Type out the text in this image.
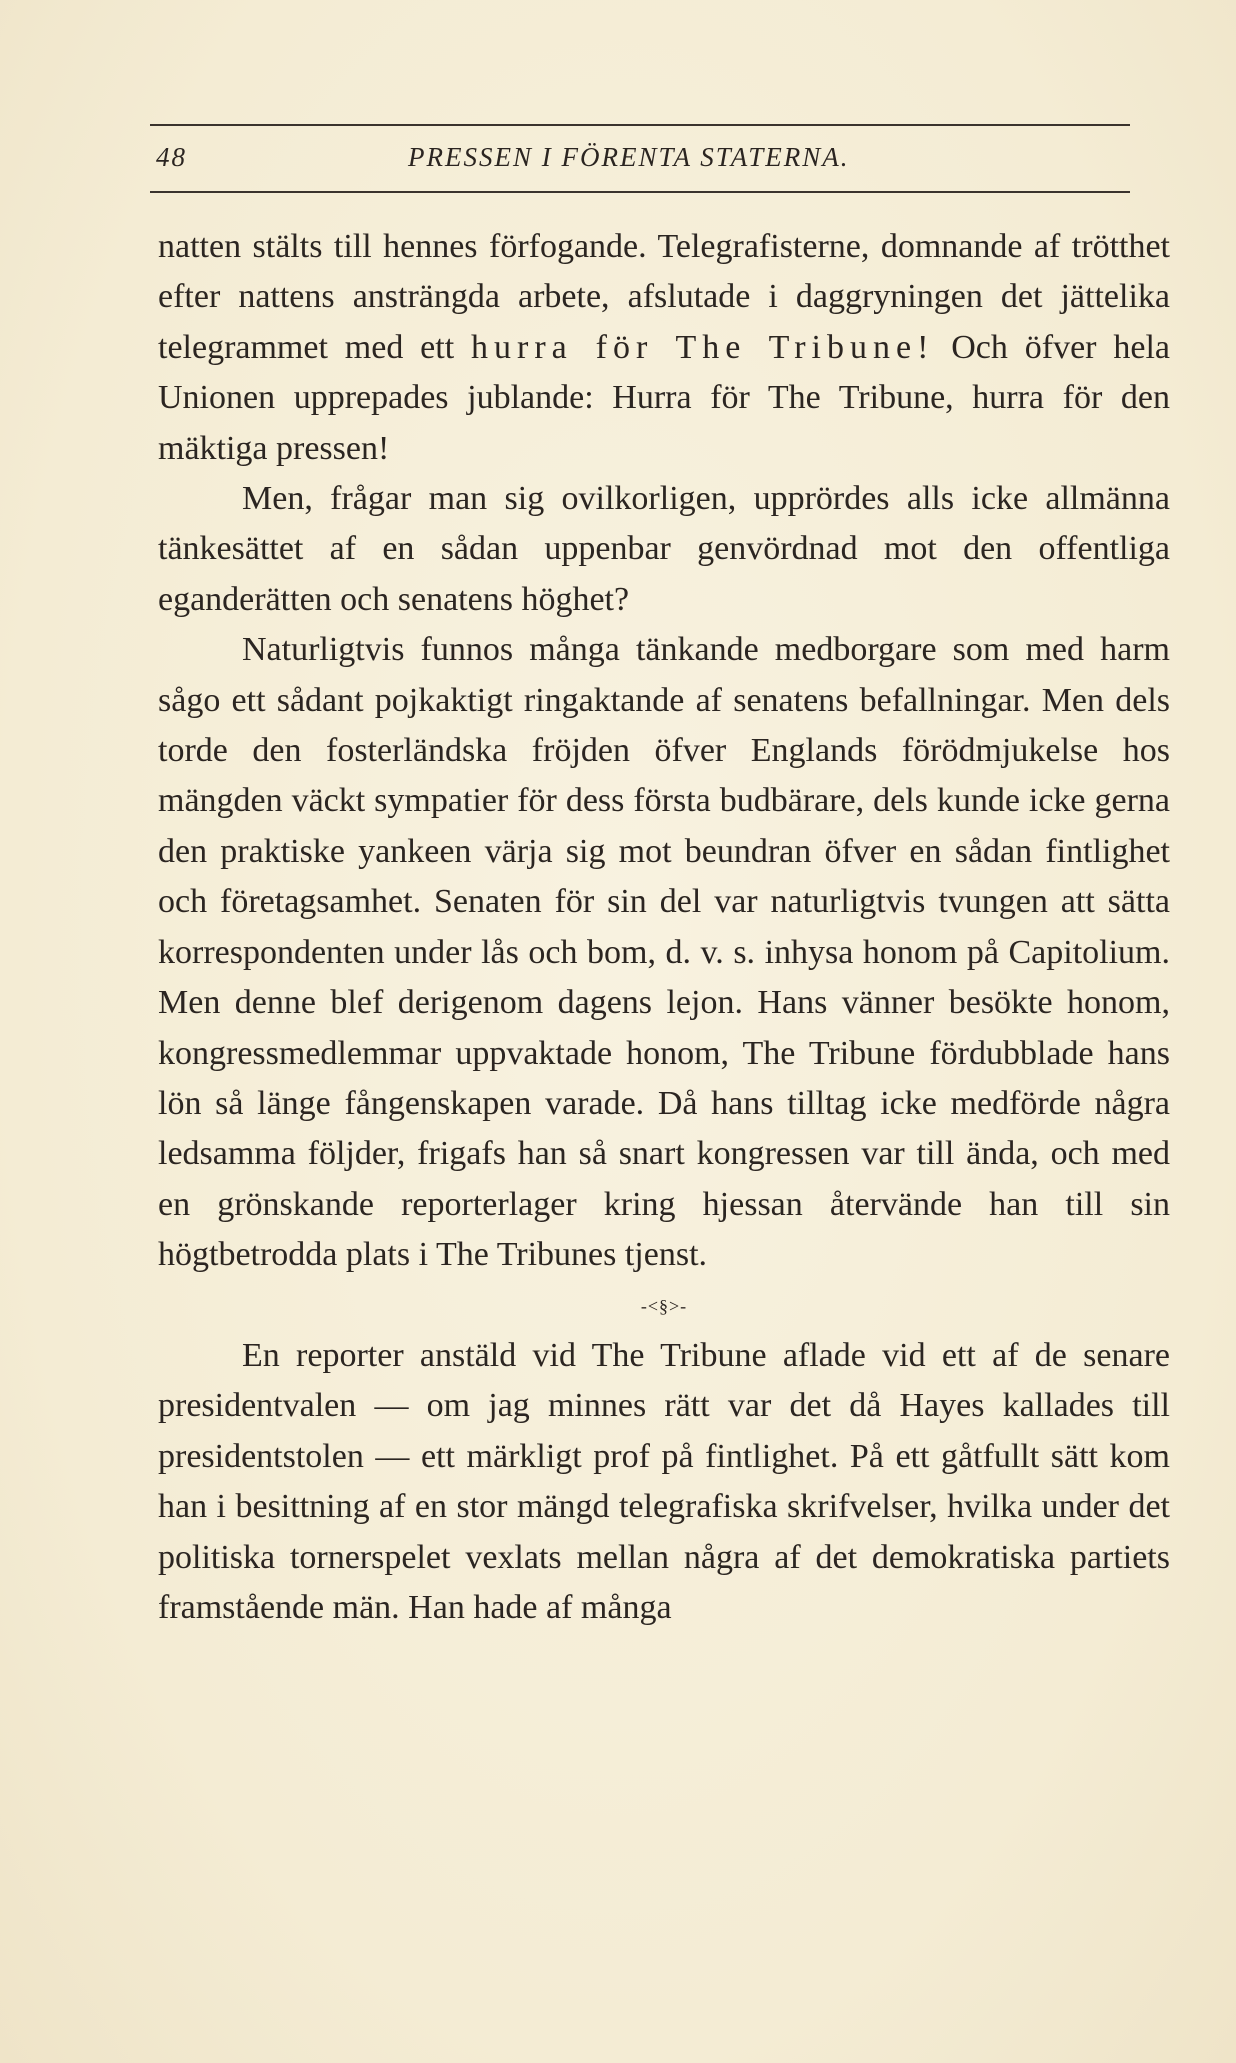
48	PRESSEN I FÖRENTA STATERNA.

natten stälts till hennes förfogande. Telegrafisterne, domnande af trötthet efter nattens ansträngda arbete, afslutade i daggryningen det jättelika telegrammet med ett hurra för The Tribune! Och öfver hela Unionen upprepades jublande: Hurra för The Tribune, hurra för den mäktiga pressen!

Men, frågar man sig ovilkorligen, upprördes alls icke allmänna tänkesättet af en sådan uppenbar genvördnad mot den offentliga eganderätten och senatens höghet?

Naturligtvis funnos många tänkande medborgare som med harm sågo ett sådant pojkaktigt ringaktande af senatens befallningar. Men dels torde den fosterländska fröjden öfver Englands förödmjukelse hos mängden väckt sympatier för dess första budbärare, dels kunde icke gerna den praktiske yankeen värja sig mot beundran öfver en sådan fintlighet och företagsamhet. Senaten för sin del var naturligtvis tvungen att sätta korrespondenten under lås och bom, d. v. s. inhysa honom på Capitolium. Men denne blef derigenom dagens lejon. Hans vänner besökte honom, kongressmedlemmar uppvaktade honom, The Tribune fördubblade hans lön så länge fångenskapen varade. Då hans tilltag icke medförde några ledsamma följder, frigafs han så snart kongressen var till ända, och med en grönskande reporterlager kring hjessan återvände han till sin högtbetrodda plats i The Tribunes tjenst.

-<§>-

En reporter anstäld vid The Tribune aflade vid ett af de senare presidentvalen — om jag minnes rätt var det då Hayes kallades till presidentstolen — ett märkligt prof på fintlighet. På ett gåtfullt sätt kom han i besittning af en stor mängd telegrafiska skrifvelser, hvilka under det politiska tornerspelet vexlats mellan några af det demokratiska partiets framstående män. Han hade af många
